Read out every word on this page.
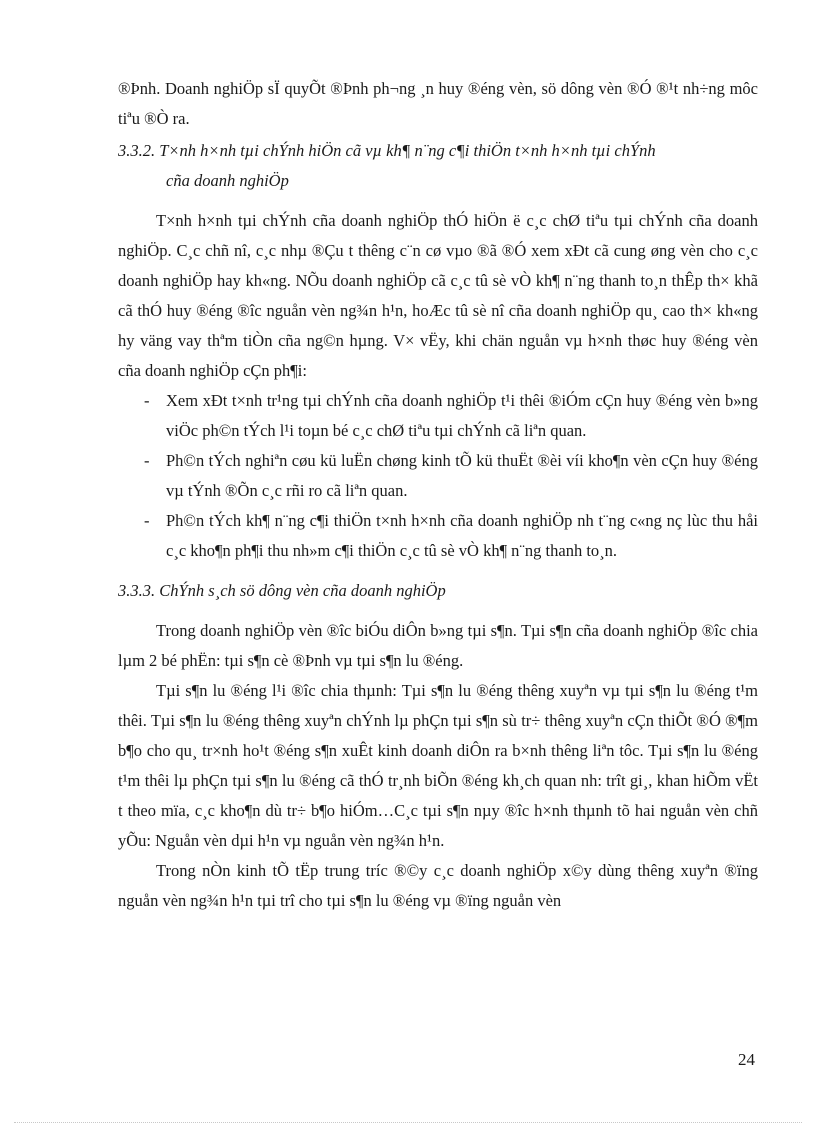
®Þnh. Doanh nghiÖp sÏ quyÕt ®Þnh ph¬ng ¸n huy ®éng vèn, sö dông vèn ®Ó ®¹t nh÷ng môc tiªu ®Ò ra.

3.3.2. T×nh h×nh tµi chÝnh hiÖn cã vµ kh¶ n¨ng c¶i thiÖn t×nh h×nh tµi chÝnh
cña doanh nghiÖp

T×nh h×nh tµi chÝnh cña doanh nghiÖp thÓ hiÖn ë c¸c chØ tiªu tµi chÝnh cña doanh nghiÖp. C¸c chñ nî, c¸c nhµ ®Çu t thêng c¨n cø vµo ®ã ®Ó xem xÐt cã cung øng vèn cho c¸c doanh nghiÖp hay kh«ng. NÕu doanh nghiÖp cã c¸c tû sè vÒ kh¶ n¨ng thanh to¸n thÊp th× khã cã thÓ huy ®éng ®îc nguån vèn ng¾n h¹n, hoÆc tû sè nî cña doanh nghiÖp qu¸ cao th× kh«ng hy väng vay thªm tiÒn cña ng©n hµng. V× vËy, khi chän nguån vµ h×nh thøc huy ®éng vèn cña doanh nghiÖp cÇn ph¶i:

- Xem xÐt t×nh tr¹ng tµi chÝnh cña doanh nghiÖp t¹i thêi ®iÓm cÇn huy ®éng vèn b»ng viÖc ph©n tÝch l¹i toµn bé c¸c chØ tiªu tµi chÝnh cã liªn quan.
- Ph©n tÝch nghiªn cøu kü luËn chøng kinh tÕ kü thuËt ®èi víi kho¶n vèn cÇn huy ®éng vµ tÝnh ®Õn c¸c rñi ro cã liªn quan.
- Ph©n tÝch kh¶ n¨ng c¶i thiÖn t×nh h×nh cña doanh nghiÖp nh t¨ng c«ng nç lùc thu håi c¸c kho¶n ph¶i thu nh»m c¶i thiÖn c¸c tû sè vÒ kh¶ n¨ng thanh to¸n.
3.3.3. ChÝnh s¸ch sö dông vèn cña doanh nghiÖp

Trong doanh nghiÖp vèn ®îc biÓu diÔn b»ng tµi s¶n. Tµi s¶n cña doanh nghiÖp ®îc chia lµm 2 bé phËn: tµi s¶n cè ®Þnh vµ tµi s¶n lu ®éng.

Tµi s¶n lu ®éng l¹i ®îc chia thµnh: Tµi s¶n lu ®éng thêng xuyªn vµ tµi s¶n lu ®éng t¹m thêi. Tµi s¶n lu ®éng thêng xuyªn chÝnh lµ phÇn tµi s¶n sù tr÷ thêng xuyªn cÇn thiÕt ®Ó ®¶m b¶o cho qu¸ tr×nh ho¹t ®éng s¶n xuÊt kinh doanh diÔn ra b×nh thêng liªn tôc. Tµi s¶n lu ®éng t¹m thêi lµ phÇn tµi s¶n lu ®éng cã thÓ tr¸nh biÕn ®éng kh¸ch quan nh: trît gi¸, khan hiÕm vËt t theo mïa, c¸c kho¶n dù tr÷ b¶o hiÓm…C¸c tµi s¶n nµy ®îc h×nh thµnh tõ hai nguån vèn chñ yÕu: Nguån vèn dµi h¹n vµ nguån vèn ng¾n h¹n.

Trong nÒn kinh tÕ tËp trung tríc ®©y c¸c doanh nghiÖp x©y dùng thêng xuyªn ®ïng nguån vèn ng¾n h¹n tµi trî cho tµi s¶n lu ®éng vµ ®ïng nguån vèn

24
